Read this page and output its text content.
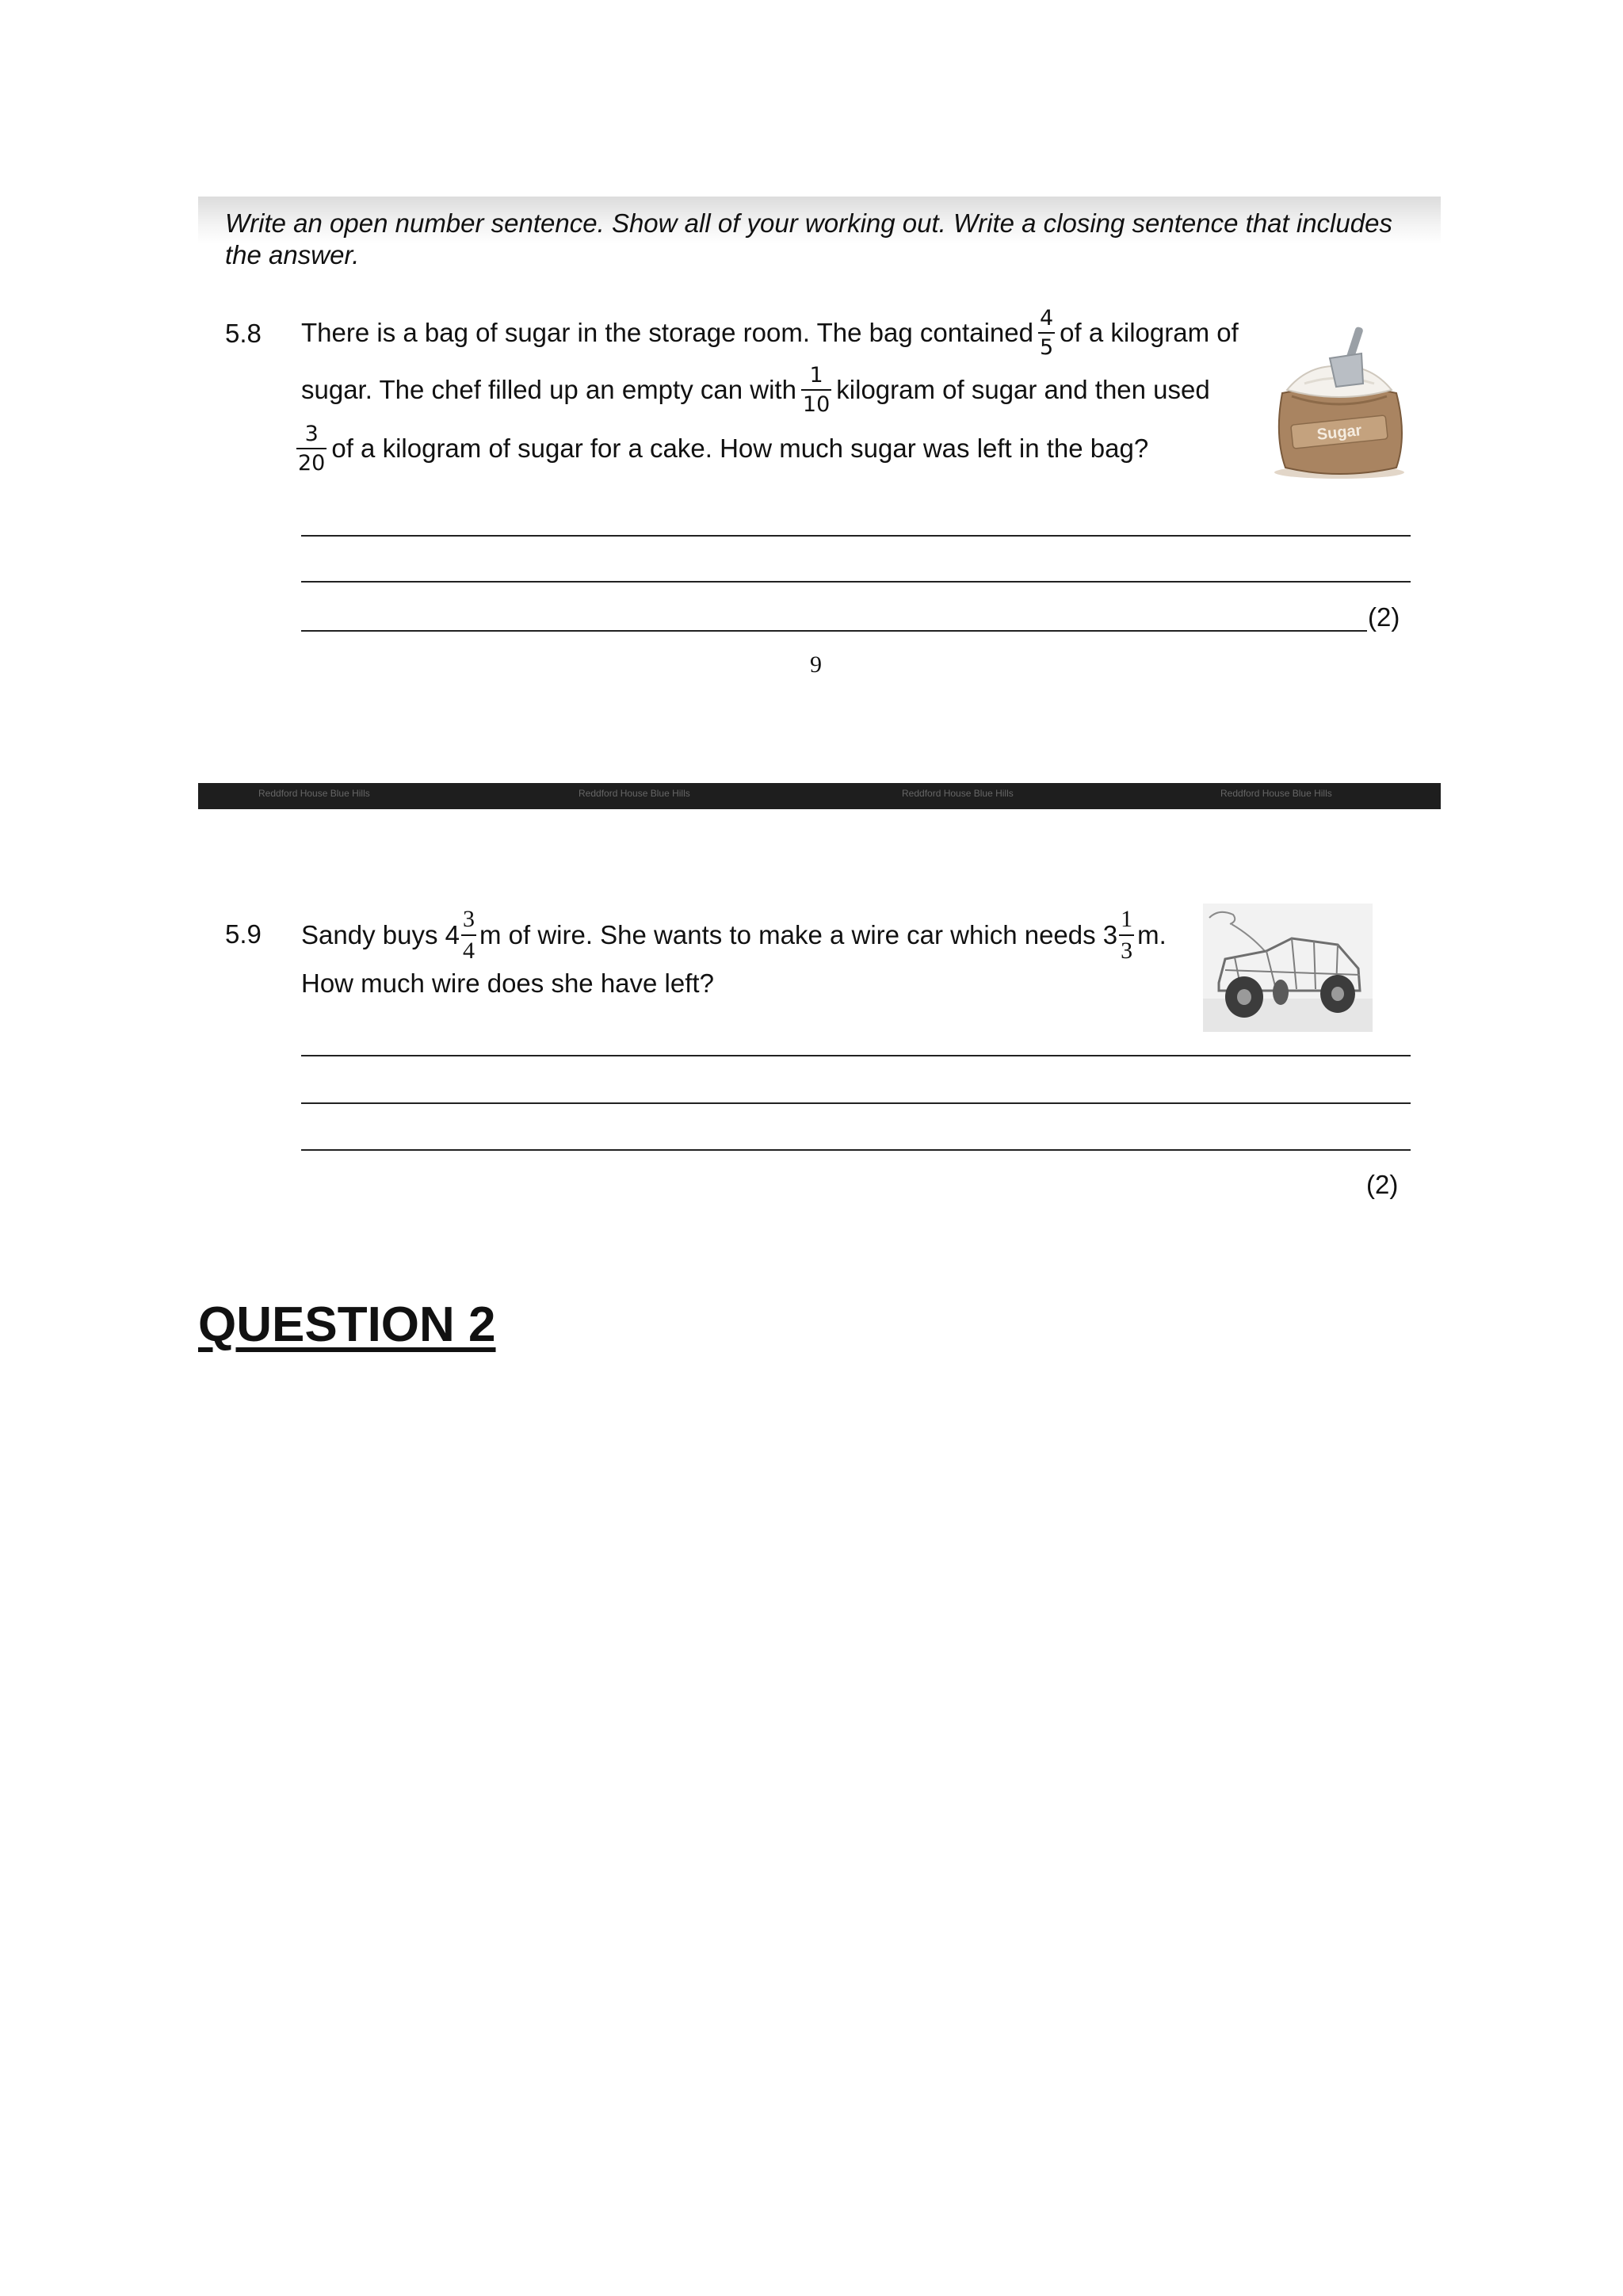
Write an open number sentence. Show all of your working out. Write a closing sentence that includes the answer.
5.8 There is a bag of sugar in the storage room. The bag contained $\frac{4}{5}$ of a kilogram of
sugar. The chef filled up an empty can with $\frac{1}{10}$ kilogram of sugar and then used
$\frac{3}{20}$ of a kilogram of sugar for a cake. How much sugar was left in the bag?
Sugar
(2)
9
Reddford House Blue Hills	Reddford House Blue Hills	Reddford House Blue Hills	Reddford House Blue Hills
5.9 Sandy buys $4 \frac{3}{4}$ m of wire. She wants to make a wire car which needs $3 \frac{1}{3} m$.
How much wire does she have left?
(2)
QUESTION 2
